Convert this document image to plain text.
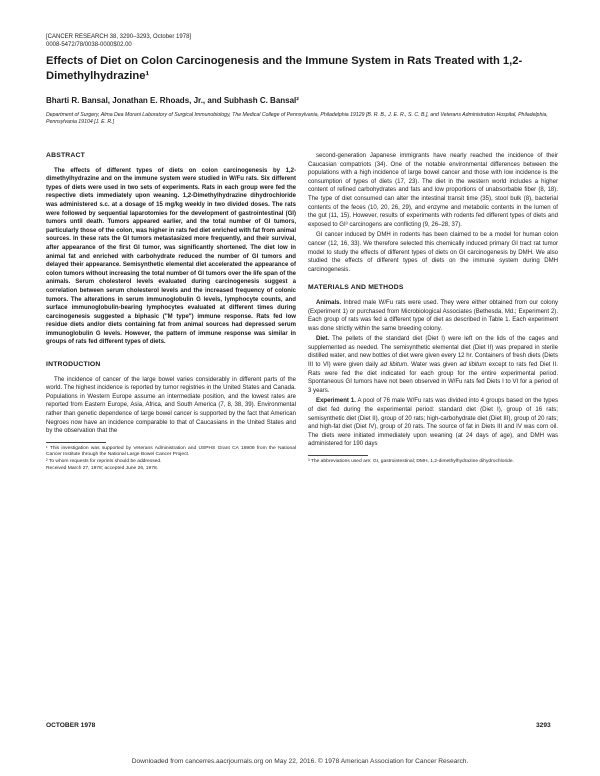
[CANCER RESEARCH 38, 3290–3293, October 1978]
0008-5472/78/0038-0000$02.00
Effects of Diet on Colon Carcinogenesis and the Immune System in Rats Treated with 1,2-Dimethylhydrazine¹
Bharti R. Bansal, Jonathan E. Rhoads, Jr., and Subhash C. Bansal²
Department of Surgery, Alma Dea Morani Laboratory of Surgical Immunobiology, The Medical College of Pennsylvania, Philadelphia 19129 [B. R. B., J. E. R., S. C. B.], and Veterans Administration Hospital, Philadelphia, Pennsylvania 19104 [J. E. R.]
ABSTRACT

The effects of different types of diets on colon carcinogenesis by 1,2-dimethylhydrazine and on the immune system were studied in W/Fu rats. Six different types of diets were used in two sets of experiments. Rats in each group were fed the respective diets immediately upon weaning. 1,2-Dimethylhydrazine dihydrochloride was administered s.c. at a dosage of 15 mg/kg weekly in two divided doses. The rats were followed by sequential laparotomies for the development of gastrointestinal (GI) tumors until death. Tumors appeared earlier, and the total number of GI tumors, particularly those of the colon, was higher in rats fed diet enriched with fat from animal sources. In these rats the GI tumors metastasized more frequently, and their survival, after appearance of the first GI tumor, was significantly shortened. The diet low in animal fat and enriched with carbohydrate reduced the number of GI tumors and delayed their appearance. Semisynthetic elemental diet accelerated the appearance of colon tumors without increasing the total number of GI tumors over the life span of the animals. Serum cholesterol levels evaluated during carcinogenesis suggest a correlation between serum cholesterol levels and the increased frequency of colonic tumors. The alterations in serum immunoglobulin G levels, lymphocyte counts, and surface immunoglobulin-bearing lymphocytes evaluated at different times during carcinogenesis suggested a biphasic ("M type") immune response. Rats fed low residue diets and/or diets containing fat from animal sources had depressed serum immunoglobulin G levels. However, the pattern of immune response was similar in groups of rats fed different types of diets.

INTRODUCTION

The incidence of cancer of the large bowel varies considerably in different parts of the world. The highest incidence is reported by tumor registries in the United States and Canada. Populations in Western Europe assume an intermediate position, and the lowest rates are reported from Eastern Europe, Asia, Africa, and South America (7, 8, 38, 39). Environmental rather than genetic dependence of large bowel cancer is supported by the fact that American Negroes now have an incidence comparable to that of Caucasians in the United States and by the observation that the

¹ This investigation was supported by Veterans Administration and USPHS Grant CA 16909 from the National Cancer Institute through the National Large Bowel Cancer Project.

² To whom requests for reprints should be addressed.

Received March 27, 1978; accepted June 26, 1978.

second-generation Japanese immigrants have nearly reached the incidence of their Caucasian compatriots (34). One of the notable environmental differences between the populations with a high incidence of large bowel cancer and those with low incidence is the consumption of types of diets (17, 23). The diet in the western world includes a higher content of refined carbohydrates and fats and low proportions of unabsorbable fiber (8, 18). The type of diet consumed can alter the intestinal transit time (35), stool bulk (8), bacterial contents of the feces (10, 20, 26, 29), and enzyme and metabolic contents in the lumen of the gut (11, 15). However, results of experiments with rodents fed different types of diets and exposed to GI³ carcinogens are conflicting (9, 26–28, 37).

GI cancer induced by DMH in rodents has been claimed to be a model for human colon cancer (12, 16, 33). We therefore selected this chemically induced primary GI tract rat tumor model to study the effects of different types of diets on GI carcinogenesis by DMH. We also studied the effects of different types of diets on the immune system during DMH carcinogenesis.

MATERIALS AND METHODS

Animals. Inbred male W/Fu rats were used. They were either obtained from our colony (Experiment 1) or purchased from Microbiological Associates (Bethesda, Md.; Experiment 2). Each group of rats was fed a different type of diet as described in Table 1. Each experiment was done strictly within the same breeding colony.

Diet. The pellets of the standard diet (Diet I) were left on the lids of the cages and supplemented as needed. The semisynthetic elemental diet (Diet II) was prepared in sterile distilled water, and new bottles of diet were given every 12 hr. Containers of fresh diets (Diets III to VI) were given daily ad libitum. Water was given ad libitum except to rats fed Diet II. Rats were fed the diet indicated for each group for the entire experimental period. Spontaneous GI tumors have not been observed in W/Fu rats fed Diets I to VI for a period of 3 years.

Experiment 1. A pool of 76 male W/Fu rats was divided into 4 groups based on the types of diet fed during the experimental period: standard diet (Diet I), group of 16 rats; semisynthetic diet (Diet II), group of 20 rats; high-carbohydrate diet (Diet III), group of 20 rats; and high-fat diet (Diet IV), group of 20 rats. The source of fat in Diets III and IV was corn oil. The diets were initiated immediately upon weaning (at 24 days of age), and DMH was administered for 190 days

³ The abbreviations used are: GI, gastrointestinal; DMH, 1,2-dimethylhydrazine dihydrochloride.

OCTOBER 1978	3293
Downloaded from cancerres.aacrjournals.org on May 22, 2016. © 1978 American Association for Cancer Research.
